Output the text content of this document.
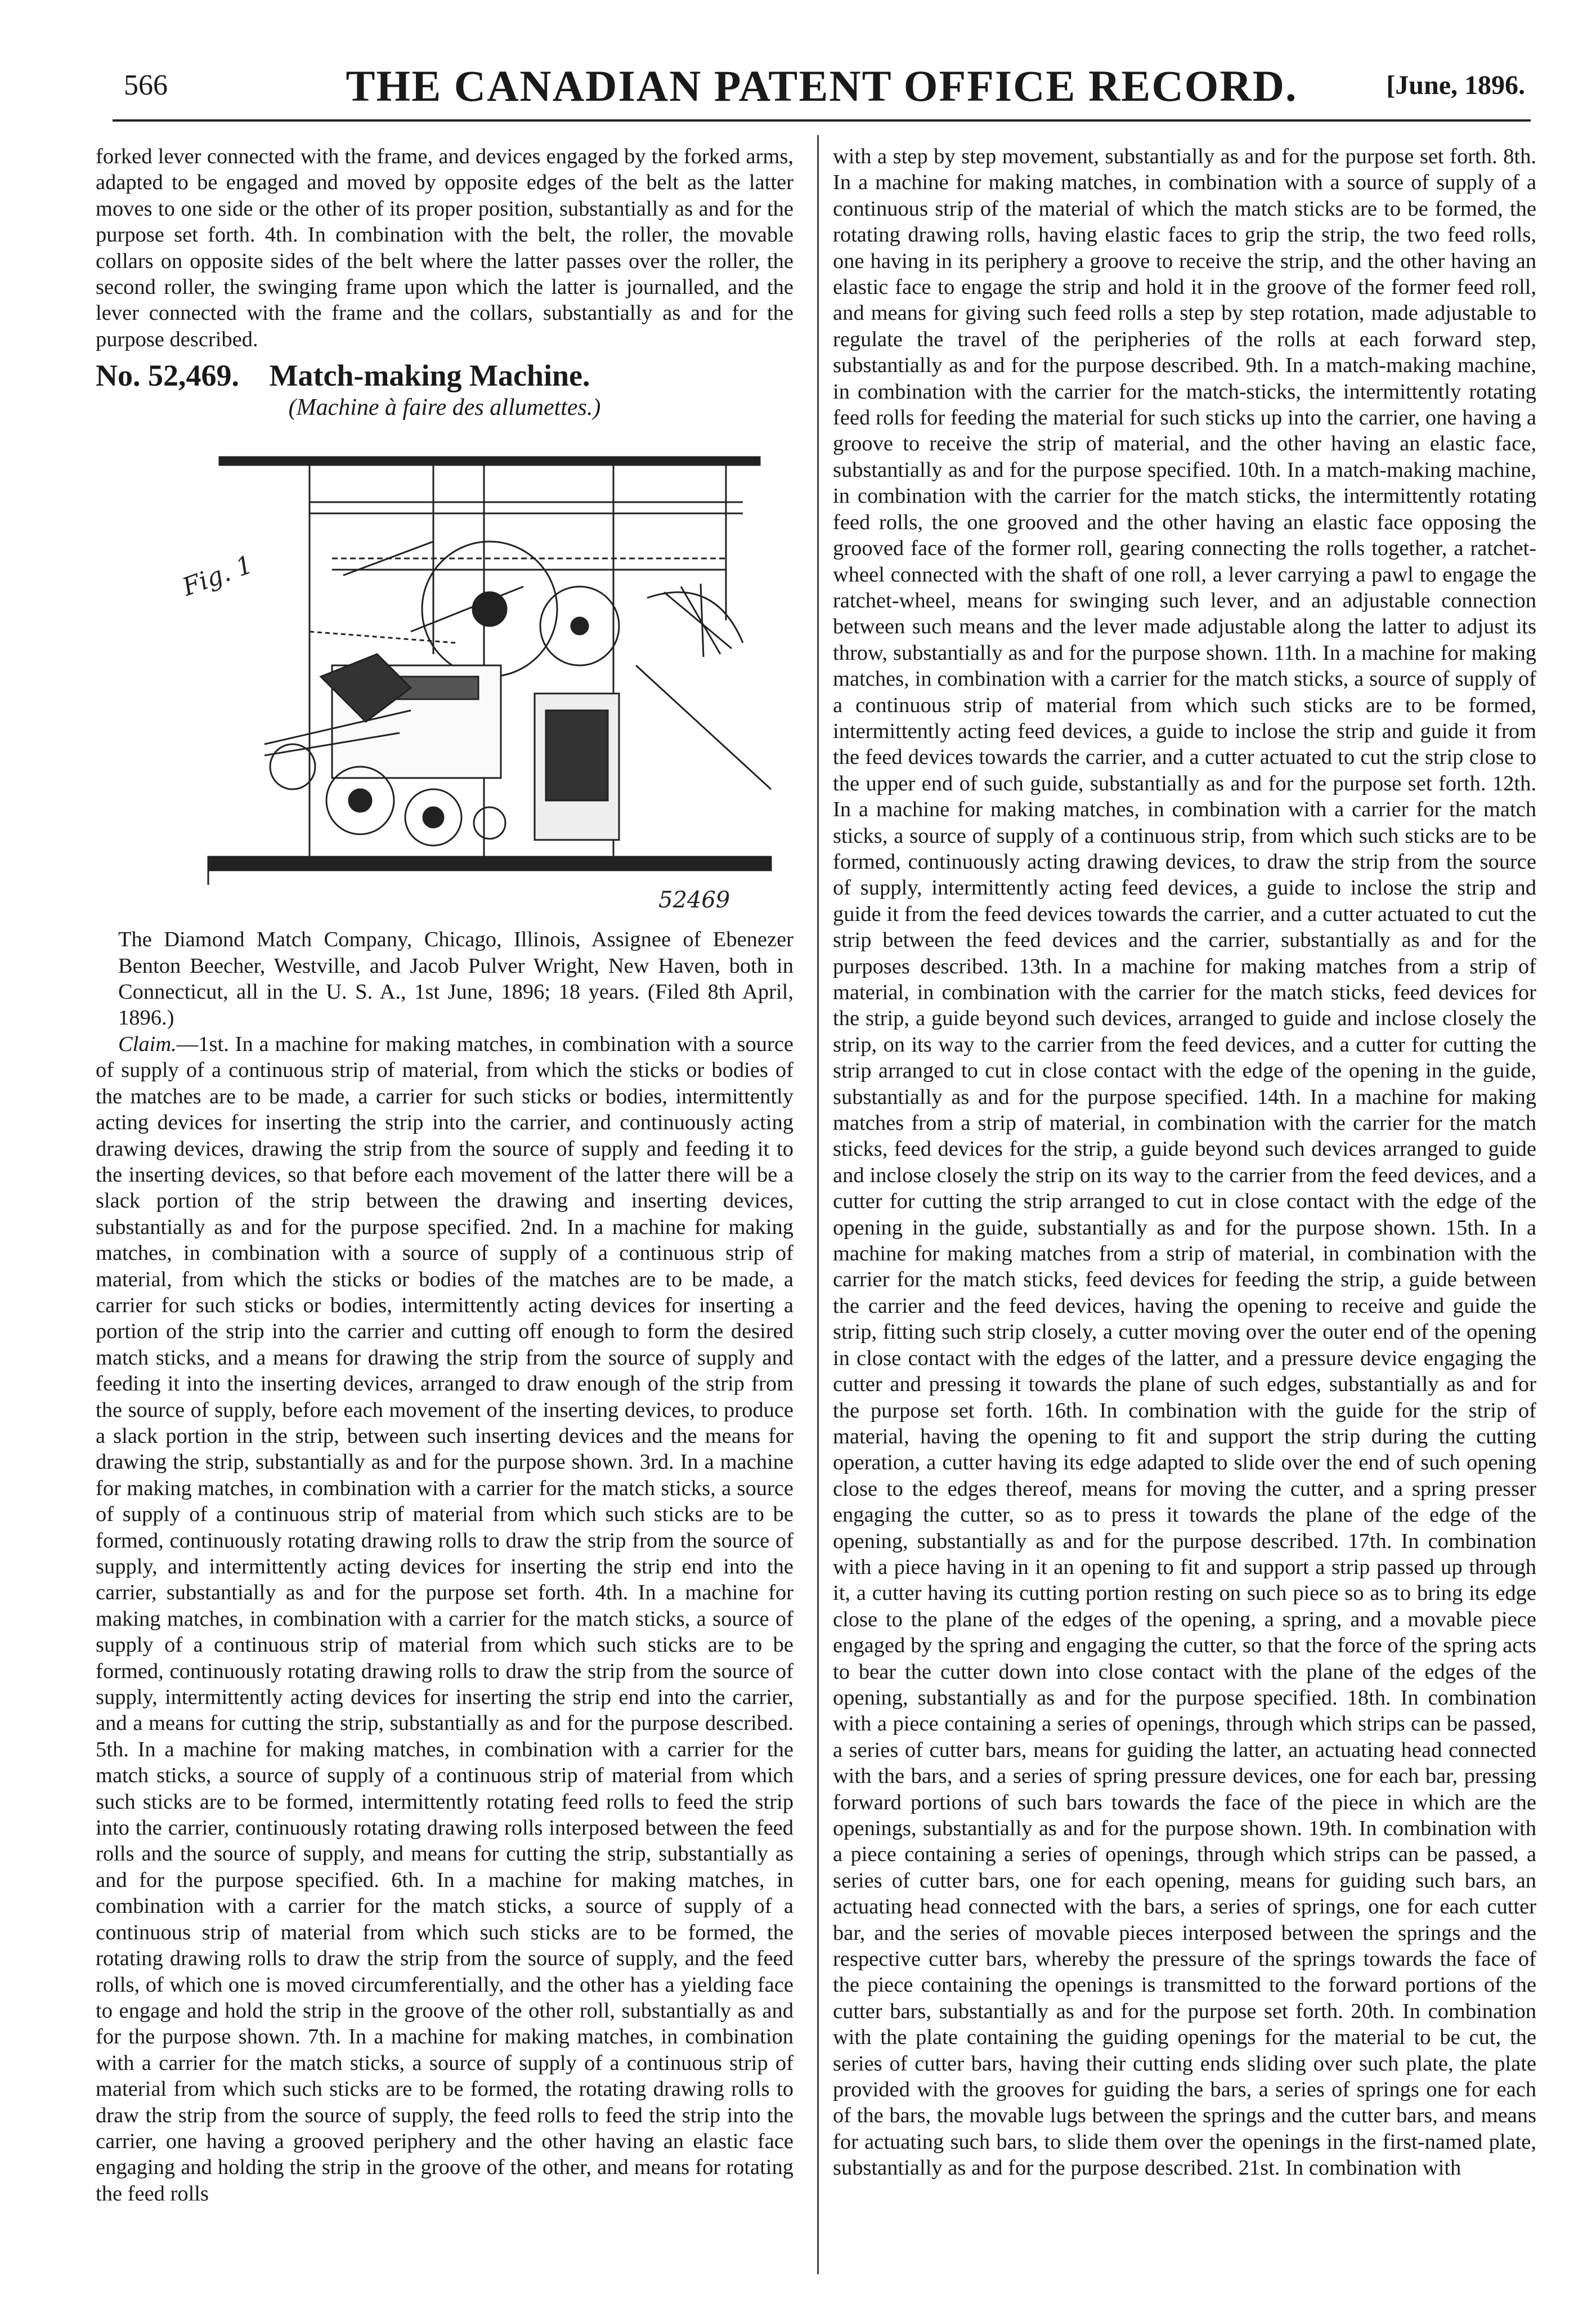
566	THE CANADIAN PATENT OFFICE RECORD.	[June, 1896.

forked lever connected with the frame, and devices engaged by the forked arms, adapted to be engaged and moved by opposite edges of the belt as the latter moves to one side or the other of its proper position, substantially as and for the purpose set forth. 4th. In combination with the belt, the roller, the movable collars on opposite sides of the belt where the latter passes over the roller, the second roller, the swinging frame upon which the latter is journalled, and the lever connected with the frame and the collars, substantially as and for the purpose described.

No. 52,469. Match-making Machine.
(Machine à faire des allumettes.)
Fig. 1
52469

The Diamond Match Company, Chicago, Illinois, Assignee of Ebenezer Benton Beecher, Westville, and Jacob Pulver Wright, New Haven, both in Connecticut, all in the U. S. A., 1st June, 1896; 18 years. (Filed 8th April, 1896.)

Claim.—1st. In a machine for making matches, in combination with a source of supply of a continuous strip of material, from which the sticks or bodies of the matches are to be made, a carrier for such sticks or bodies, intermittently acting devices for inserting the strip into the carrier, and continuously acting drawing devices, drawing the strip from the source of supply and feeding it to the inserting devices, so that before each movement of the latter there will be a slack portion of the strip between the drawing and inserting devices, substantially as and for the purpose specified. 2nd. In a machine for making matches, in combination with a source of supply of a continuous strip of material, from which the sticks or bodies of the matches are to be made, a carrier for such sticks or bodies, intermittently acting devices for inserting a portion of the strip into the carrier and cutting off enough to form the desired match sticks, and a means for drawing the strip from the source of supply and feeding it into the inserting devices, arranged to draw enough of the strip from the source of supply, before each movement of the inserting devices, to produce a slack portion in the strip, between such inserting devices and the means for drawing the strip, substantially as and for the purpose shown. 3rd. In a machine for making matches, in combination with a carrier for the match sticks, a source of supply of a continuous strip of material from which such sticks are to be formed, continuously rotating drawing rolls to draw the strip from the source of supply, and intermittently acting devices for inserting the strip end into the carrier, substantially as and for the purpose set forth. 4th. In a machine for making matches, in combination with a carrier for the match sticks, a source of supply of a continuous strip of material from which such sticks are to be formed, continuously rotating drawing rolls to draw the strip from the source of supply, intermittently acting devices for inserting the strip end into the carrier, and a means for cutting the strip, substantially as and for the purpose described. 5th. In a machine for making matches, in combination with a carrier for the match sticks, a source of supply of a continuous strip of material from which such sticks are to be formed, intermittently rotating feed rolls to feed the strip into the carrier, continuously rotating drawing rolls interposed between the feed rolls and the source of supply, and means for cutting the strip, substantially as and for the purpose specified. 6th. In a machine for making matches, in combination with a carrier for the match sticks, a source of supply of a continuous strip of material from which such sticks are to be formed, the rotating drawing rolls to draw the strip from the source of supply, and the feed rolls, of which one is moved circumferentially, and the other has a yielding face to engage and hold the strip in the groove of the other roll, substantially as and for the purpose shown. 7th. In a machine for making matches, in combination with a carrier for the match sticks, a source of supply of a continuous strip of material from which such sticks are to be formed, the rotating drawing rolls to draw the strip from the source of supply, the feed rolls to feed the strip into the carrier, one having a grooved periphery and the other having an elastic face engaging and holding the strip in the groove of the other, and means for rotating the feed rolls

with a step by step movement, substantially as and for the purpose set forth. 8th. In a machine for making matches, in combination with a source of supply of a continuous strip of the material of which the match sticks are to be formed, the rotating drawing rolls, having elastic faces to grip the strip, the two feed rolls, one having in its periphery a groove to receive the strip, and the other having an elastic face to engage the strip and hold it in the groove of the former feed roll, and means for giving such feed rolls a step by step rotation, made adjustable to regulate the travel of the peripheries of the rolls at each forward step, substantially as and for the purpose described. 9th. In a match-making machine, in combination with the carrier for the match-sticks, the intermittently rotating feed rolls for feeding the material for such sticks up into the carrier, one having a groove to receive the strip of material, and the other having an elastic face, substantially as and for the purpose specified. 10th. In a match-making machine, in combination with the carrier for the match sticks, the intermittently rotating feed rolls, the one grooved and the other having an elastic face opposing the grooved face of the former roll, gearing connecting the rolls together, a ratchet-wheel connected with the shaft of one roll, a lever carrying a pawl to engage the ratchet-wheel, means for swinging such lever, and an adjustable connection between such means and the lever made adjustable along the latter to adjust its throw, substantially as and for the purpose shown. 11th. In a machine for making matches, in combination with a carrier for the match sticks, a source of supply of a continuous strip of material from which such sticks are to be formed, intermittently acting feed devices, a guide to inclose the strip and guide it from the feed devices towards the carrier, and a cutter actuated to cut the strip close to the upper end of such guide, substantially as and for the purpose set forth. 12th. In a machine for making matches, in combination with a carrier for the match sticks, a source of supply of a continuous strip, from which such sticks are to be formed, continuously acting drawing devices, to draw the strip from the source of supply, intermittently acting feed devices, a guide to inclose the strip and guide it from the feed devices towards the carrier, and a cutter actuated to cut the strip between the feed devices and the carrier, substantially as and for the purposes described. 13th. In a machine for making matches from a strip of material, in combination with the carrier for the match sticks, feed devices for the strip, a guide beyond such devices, arranged to guide and inclose closely the strip, on its way to the carrier from the feed devices, and a cutter for cutting the strip arranged to cut in close contact with the edge of the opening in the guide, substantially as and for the purpose specified. 14th. In a machine for making matches from a strip of material, in combination with the carrier for the match sticks, feed devices for the strip, a guide beyond such devices arranged to guide and inclose closely the strip on its way to the carrier from the feed devices, and a cutter for cutting the strip arranged to cut in close contact with the edge of the opening in the guide, substantially as and for the purpose shown. 15th. In a machine for making matches from a strip of material, in combination with the carrier for the match sticks, feed devices for feeding the strip, a guide between the carrier and the feed devices, having the opening to receive and guide the strip, fitting such strip closely, a cutter moving over the outer end of the opening in close contact with the edges of the latter, and a pressure device engaging the cutter and pressing it towards the plane of such edges, substantially as and for the purpose set forth. 16th. In combination with the guide for the strip of material, having the opening to fit and support the strip during the cutting operation, a cutter having its edge adapted to slide over the end of such opening close to the edges thereof, means for moving the cutter, and a spring presser engaging the cutter, so as to press it towards the plane of the edge of the opening, substantially as and for the purpose described. 17th. In combination with a piece having in it an opening to fit and support a strip passed up through it, a cutter having its cutting portion resting on such piece so as to bring its edge close to the plane of the edges of the opening, a spring, and a movable piece engaged by the spring and engaging the cutter, so that the force of the spring acts to bear the cutter down into close contact with the plane of the edges of the opening, substantially as and for the purpose specified. 18th. In combination with a piece containing a series of openings, through which strips can be passed, a series of cutter bars, means for guiding the latter, an actuating head connected with the bars, and a series of spring pressure devices, one for each bar, pressing forward portions of such bars towards the face of the piece in which are the openings, substantially as and for the purpose shown. 19th. In combination with a piece containing a series of openings, through which strips can be passed, a series of cutter bars, one for each opening, means for guiding such bars, an actuating head connected with the bars, a series of springs, one for each cutter bar, and the series of movable pieces interposed between the springs and the respective cutter bars, whereby the pressure of the springs towards the face of the piece containing the openings is transmitted to the forward portions of the cutter bars, substantially as and for the purpose set forth. 20th. In combination with the plate containing the guiding openings for the material to be cut, the series of cutter bars, having their cutting ends sliding over such plate, the plate provided with the grooves for guiding the bars, a series of springs one for each of the bars, the movable lugs between the springs and the cutter bars, and means for actuating such bars, to slide them over the openings in the first-named plate, substantially as and for the purpose described. 21st. In combination with
